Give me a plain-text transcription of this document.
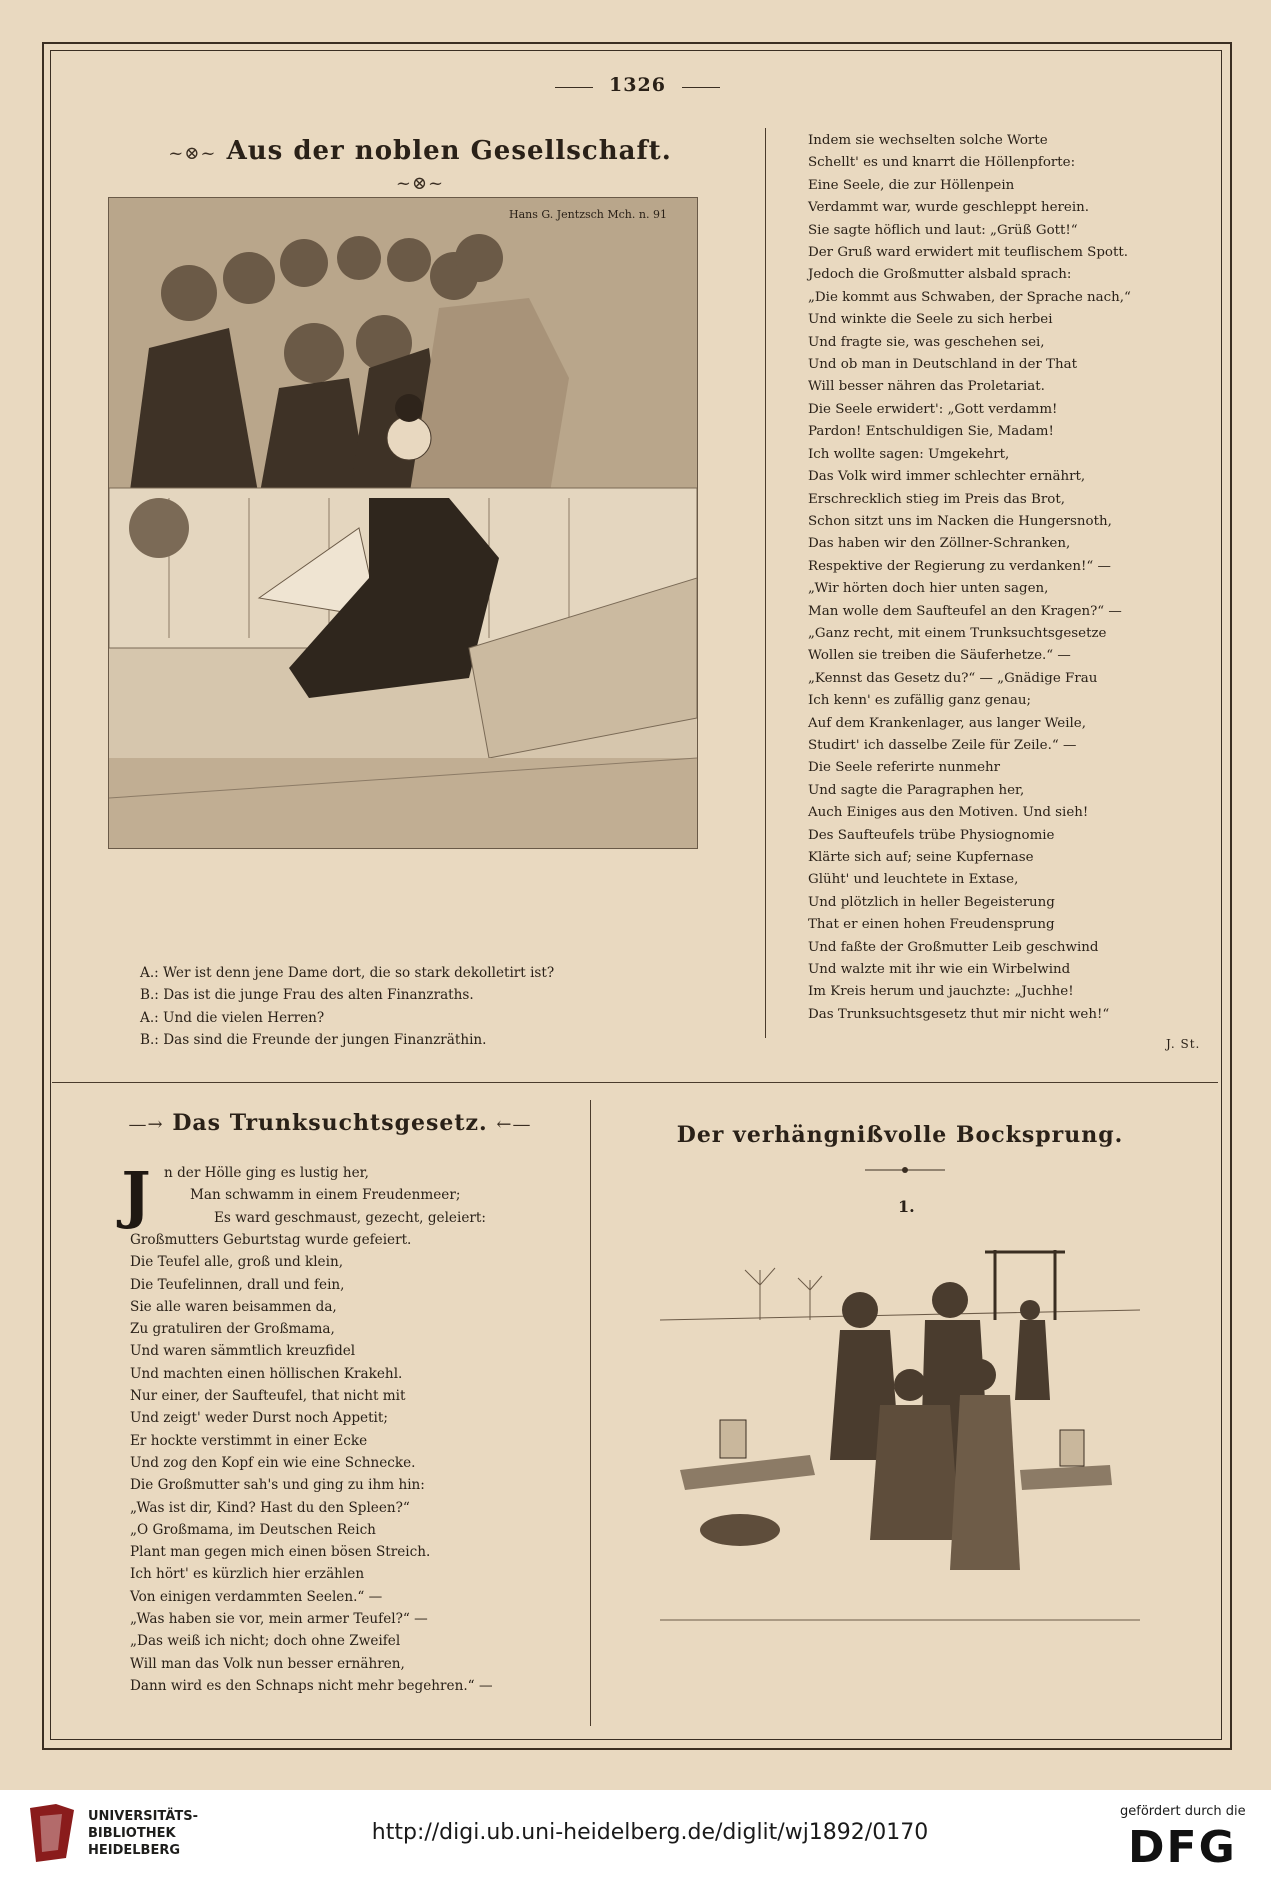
1326
~⊗~ Aus der noblen Gesellschaft. ~⊗~
Hans G. Jentzsch Mch. n. 91
A.: Wer ist denn jene Dame dort, die so stark dekolletirt ist?
B.: Das ist die junge Frau des alten Finanzraths.
A.: Und die vielen Herren?
B.: Das sind die Freunde der jungen Finanzräthin.
Indem sie wechselten solche Worte
Schellt' es und knarrt die Höllenpforte:
Eine Seele, die zur Höllenpein
Verdammt war, wurde geschleppt herein.
Sie sagte höflich und laut: „Grüß Gott!“
Der Gruß ward erwidert mit teuflischem Spott.
Jedoch die Großmutter alsbald sprach:
„Die kommt aus Schwaben, der Sprache nach,“
Und winkte die Seele zu sich herbei
Und fragte sie, was geschehen sei,
Und ob man in Deutschland in der That
Will besser nähren das Proletariat.
Die Seele erwidert': „Gott verdamm!
Pardon! Entschuldigen Sie, Madam!
Ich wollte sagen: Umgekehrt,
Das Volk wird immer schlechter ernährt,
Erschrecklich stieg im Preis das Brot,
Schon sitzt uns im Nacken die Hungersnoth,
Das haben wir den Zöllner-Schranken,
Respektive der Regierung zu verdanken!“ —
„Wir hörten doch hier unten sagen,
Man wolle dem Saufteufel an den Kragen?“ —
„Ganz recht, mit einem Trunksuchtsgesetze
Wollen sie treiben die Säuferhetze.“ —
„Kennst das Gesetz du?“ — „Gnädige Frau
Ich kenn' es zufällig ganz genau;
Auf dem Krankenlager, aus langer Weile,
Studirt' ich dasselbe Zeile für Zeile.“ —
Die Seele referirte nunmehr
Und sagte die Paragraphen her,
Auch Einiges aus den Motiven. Und sieh!
Des Saufteufels trübe Physiognomie
Klärte sich auf; seine Kupfernase
Glüht' und leuchtete in Extase,
Und plötzlich in heller Begeisterung
That er einen hohen Freudensprung
Und faßte der Großmutter Leib geschwind
Und walzte mit ihr wie ein Wirbelwind
Im Kreis herum und jauchzte: „Juchhe!
Das Trunksuchtsgesetz thut mir nicht weh!“
J. St.
—→ Das Trunksuchtsgesetz. ←—
J n der Hölle ging es lustig her,
Man schwamm in einem Freudenmeer;
Es ward geschmaust, gezecht, geleiert:
Großmutters Geburtstag wurde gefeiert.
Die Teufel alle, groß und klein,
Die Teufelinnen, drall und fein,
Sie alle waren beisammen da,
Zu gratuliren der Großmama,
Und waren sämmtlich kreuzfidel
Und machten einen höllischen Krakehl.
Nur einer, der Saufteufel, that nicht mit
Und zeigt' weder Durst noch Appetit;
Er hockte verstimmt in einer Ecke
Und zog den Kopf ein wie eine Schnecke.
Die Großmutter sah's und ging zu ihm hin:
„Was ist dir, Kind? Hast du den Spleen?“
„O Großmama, im Deutschen Reich
Plant man gegen mich einen bösen Streich.
Ich hört' es kürzlich hier erzählen
Von einigen verdammten Seelen.“ —
„Was haben sie vor, mein armer Teufel?“ —
„Das weiß ich nicht; doch ohne Zweifel
Will man das Volk nun besser ernähren,
Dann wird es den Schnaps nicht mehr begehren.“ —
Der verhängnißvolle Bocksprung.
1.
UNIVERSITÄTS-
BIBLIOTHEK
HEIDELBERG
http://digi.ub.uni-heidelberg.de/diglit/wj1892/0170
gefördert durch die
DFG
